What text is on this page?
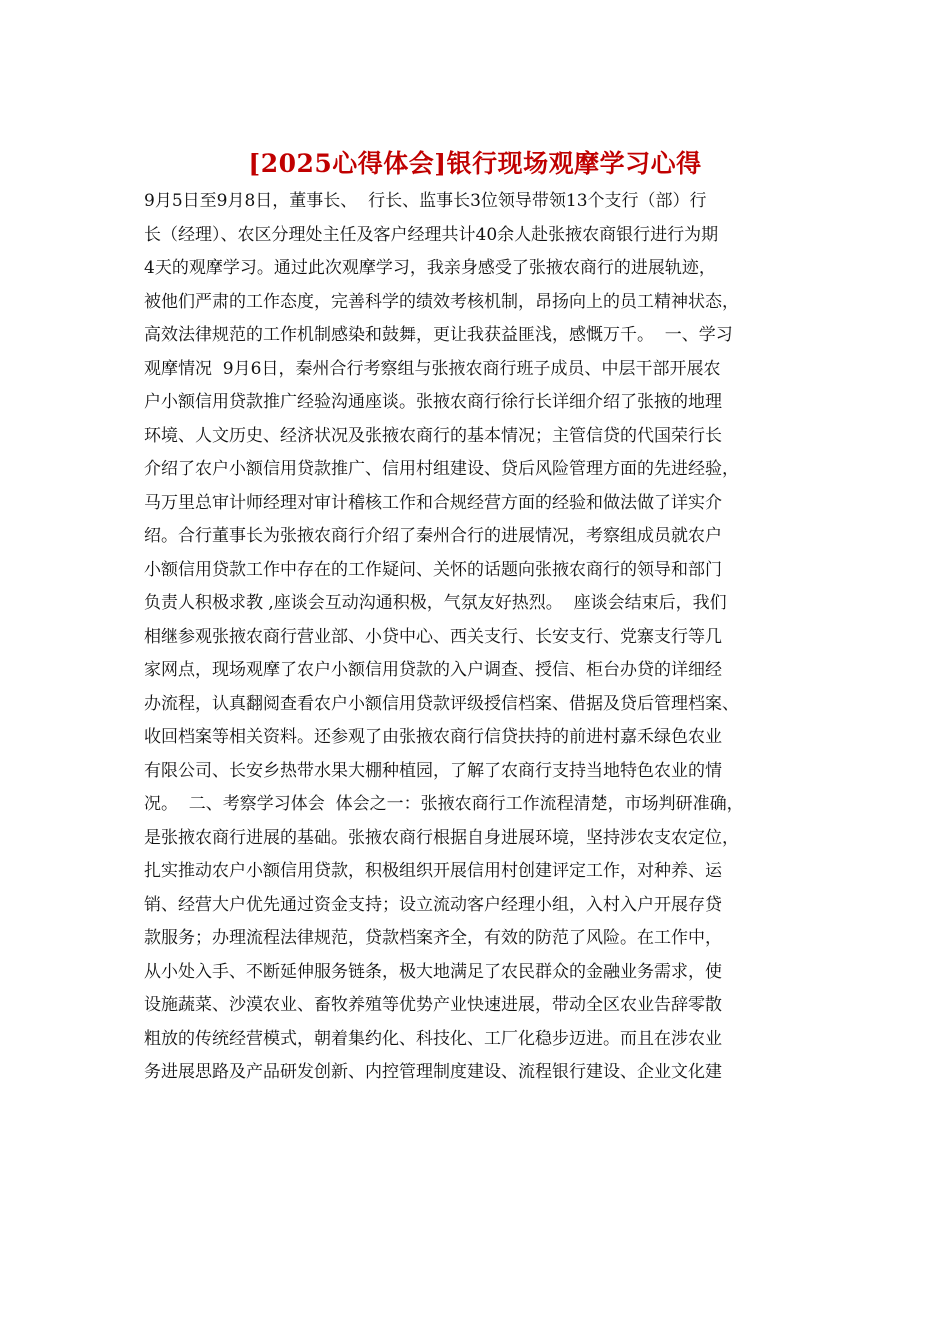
[2025心得体会]银行现场观摩学习心得
9月5日至9月8日，董事长、  行长、监事长3位领导带领13个支行（部）行
长（经理）、农区分理处主任及客户经理共计40余人赴张掖农商银行进行为期
4天的观摩学习。通过此次观摩学习，我亲身感受了张掖农商行的进展轨迹，
被他们严肃的工作态度，完善科学的绩效考核机制，昂扬向上的员工精神状态，
高效法律规范的工作机制感染和鼓舞，更让我获益匪浅，感慨万千。  一、学习
观摩情况  9月6日，秦州合行考察组与张掖农商行班子成员、中层干部开展农
户小额信用贷款推广经验沟通座谈。张掖农商行徐行长详细介绍了张掖的地理
环境、人文历史、经济状况及张掖农商行的基本情况；主管信贷的代国荣行长
介绍了农户小额信用贷款推广、信用村组建设、贷后风险管理方面的先进经验，
马万里总审计师经理对审计稽核工作和合规经营方面的经验和做法做了详实介
绍。合行董事长为张掖农商行介绍了秦州合行的进展情况，考察组成员就农户
小额信用贷款工作中存在的工作疑问、关怀的话题向张掖农商行的领导和部门
负责人积极求教 ,座谈会互动沟通积极，气氛友好热烈。  座谈会结束后，我们
相继参观张掖农商行营业部、小贷中心、西关支行、长安支行、党寨支行等几
家网点，现场观摩了农户小额信用贷款的入户调查、授信、柜台办贷的详细经
办流程，认真翻阅查看农户小额信用贷款评级授信档案、借据及贷后管理档案、
收回档案等相关资料。还参观了由张掖农商行信贷扶持的前进村嘉禾绿色农业
有限公司、长安乡热带水果大棚种植园，了解了农商行支持当地特色农业的情
况。  二、考察学习体会  体会之一：张掖农商行工作流程清楚，市场判研准确，
是张掖农商行进展的基础。张掖农商行根据自身进展环境，坚持涉农支农定位，
扎实推动农户小额信用贷款，积极组织开展信用村创建评定工作，对种养、运
销、经营大户优先通过资金支持；设立流动客户经理小组，入村入户开展存贷
款服务；办理流程法律规范，贷款档案齐全，有效的防范了风险。在工作中，
从小处入手、不断延伸服务链条，极大地满足了农民群众的金融业务需求，使
设施蔬菜、沙漠农业、畜牧养殖等优势产业快速进展，带动全区农业告辞零散
粗放的传统经营模式，朝着集约化、科技化、工厂化稳步迈进。而且在涉农业
务进展思路及产品研发创新、内控管理制度建设、流程银行建设、企业文化建
